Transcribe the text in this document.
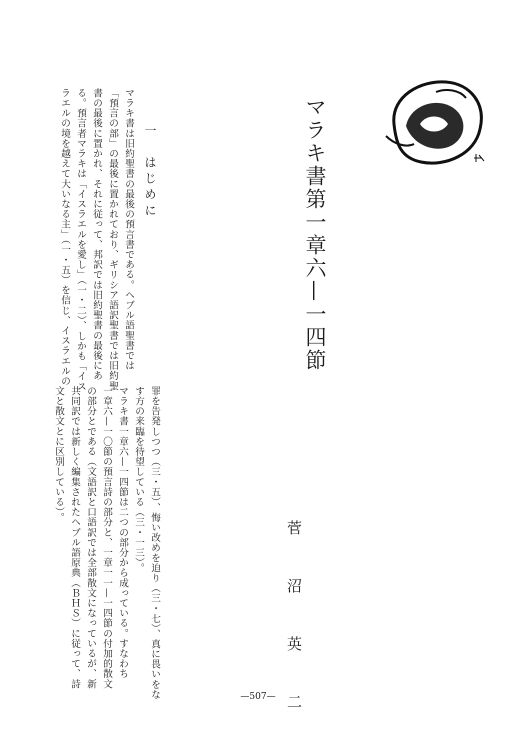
マラキ書第一章六—一四節
菅　沼　英　二
一　はじめに
マラキ書は旧約聖書の最後の預言書である。ヘブル語聖書では
「預言の部」の最後に置かれており、ギリシア語訳聖書では旧約聖
書の最後に置かれ、それに従って、邦訳では旧約聖書の最後にあ
る。預言者マラキは「イスラエルを愛し」（一・二）、しかも「イス
ラエルの境を越えて大いなる主」（一・五）を信じ、イスラエルの
罪を告発しつつ（三・五）、悔い改めを迫り（三・七）、真に畏いをな
す方の来臨を待望している（三・一三）。
マラキ書一章六—一四節は二つの部分から成っている。すなわち
一章六—一〇節の預言詩の部分と、一章一一—一四節の付加的散文
の部分とである（文語訳と口語訳では全部散文になっているが、新
共同訳では新しく編集されたヘブル語原典（ＢＨＳ）に従って、詩
文と散文とに区別している）。
—507—
